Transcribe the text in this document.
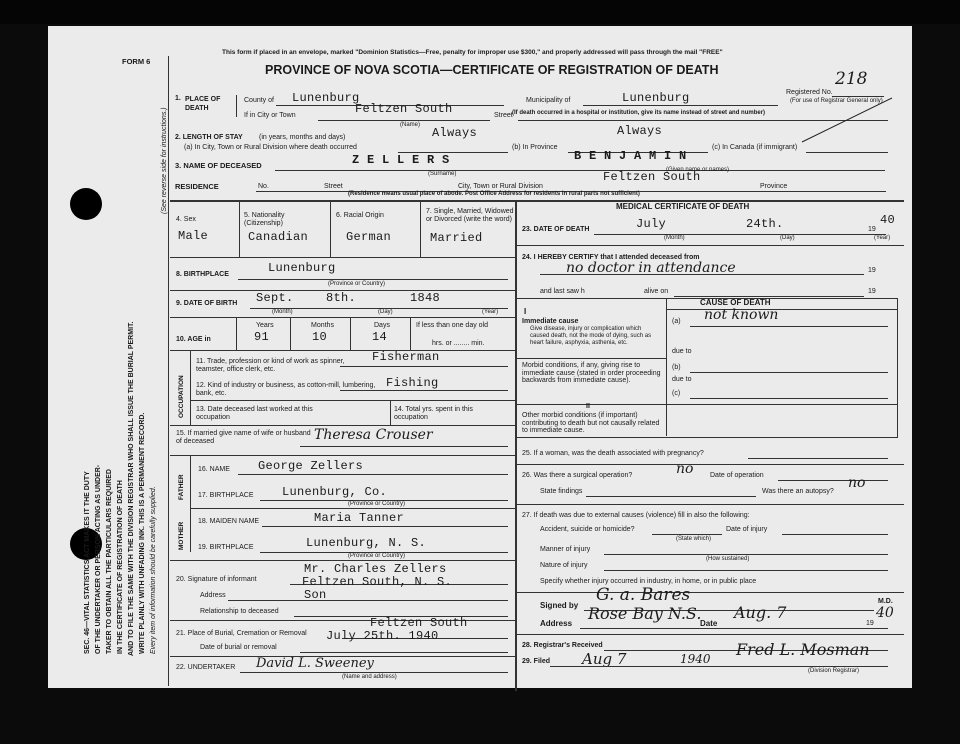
SEC. 46—VITAL STATISTICS ACT MAKES IT THE DUTY OF THE UNDERTAKER OR PERSON ACTING AS UNDER- TAKER TO OBTAIN ALL THE PARTICULARS REQUIRED IN THE CERTIFICATE OF REGISTRATION OF DEATH AND TO FILE THE SAME WITH THE DIVISION REGISTRAR WHO SHALL ISSUE THE BURIAL PERMIT. WRITE PLAINLY WITH UNFADING INK. THIS IS A PERMANENT RECORD. Every item of information should be carefully supplied.
(See reverse side for instructions.)
FORM 6
This form if placed in an envelope, marked "Dominion Statistics—Free, penalty for improper use $300," and properly addressed will pass through the mail "FREE"
PROVINCE OF NOVA SCOTIA—CERTIFICATE OF REGISTRATION OF DEATH
Registered No.
218
(For use of Registrar General only)
1. PLACE OF DEATH
County of Lunenburg	Municipality of	Lunenburg
If in City or Town	Feltzen South
(Name)
Street (If death occurred in a hospital or institution, give its name instead of street and number)
2. LENGTH OF STAY (in years, months and days)
(a) In City, Town or Rural Division where death occurred
Always
(b) In Province
Always
(c) In Canada (if immigrant)
3. NAME OF DECEASED	Z E L L E R S	B E N J A M I N
(Surname)
(Given name or names)
RESIDENCE	No.	Street	City, Town or Rural Division
Feltzen South
Province
(Residence means usual place of abode. Post Office Address for residents in rural parts not sufficient)
4. Sex
Male
5. Nationality (Citizenship)
Canadian
6. Racial Origin
German
7. Single, Married, Widowed or Divorced (write the word)
Married
8. BIRTHPLACE	Lunenburg
(Province or Country)
9. DATE OF BIRTH Sept.	8th.	1848
(Month)	(Day)	(Year)
10. AGE in
Years	Months	Days
91	10	14
If less than one day old
hrs. or ........ min.
OCCUPATION
11. Trade, profession or kind of work as spinner, teamster, office clerk, etc.
Fisherman
12. Kind of industry or business, as cotton-mill, lumbering, bank, etc.
Fishing
13. Date deceased last worked at this occupation
14. Total yrs. spent in this occupation
15. If married give name of wife or husband of deceased	Theresa Crouser
FATHER
MOTHER
16. NAME George Zellers
17. BIRTHPLACE Lunenburg, Co.
(Province or Country)
18. MAIDEN NAME	Maria Tanner
19. BIRTHPLACE	Lunenburg, N. S.
(Province or Country)
20. Signature of informant
Mr. Charles Zellers
Address
Feltzen South, N. S.
Son
Relationship to deceased
21. Place of Burial, Cremation or Removal
Feltzen South
July 25th. 1940
Date of burial or removal
22. UNDERTAKER David L. Sweeney
(Name and address)
MEDICAL CERTIFICATE OF DEATH
23. DATE OF DEATH	July	24th.	19
40
(Month)	(Day)	(Year)
24. I HEREBY CERTIFY that I attended deceased from
no doctor in attendance	19
and last saw h	alive on	19
CAUSE OF DEATH
I
Immediate cause
Give disease, injury or complication which caused death, not the mode of dying, such as heart failure, asphyxia, asthenia, etc.
(a) not known
due to
Morbid conditions, if any, giving rise to immediate cause (stated in order proceeding backwards from immediate cause).
(b)
due to
(c)
II
Other morbid conditions (if important) contributing to death but not causally related to immediate cause.
25. If a woman, was the death associated with pregnancy?
26. Was there a surgical operation?	no Date of operation
State findings	Was there an autopsy?
no
27. If death was due to external causes (violence) fill in also the following:
Accident, suicide or homicide?	Date of injury
(State which)
Manner of injury
(How sustained)
Nature of injury
Specify whether injury occurred in industry, in home, or in public place
Signed by
G. a. Bares	M.D.
Address
Rose Bay N.S.
Date
Aug. 7
19
40
28. Registrar's Received
29. Filed Aug 7	1940 Fred L. Mosman
(Division Registrar)
